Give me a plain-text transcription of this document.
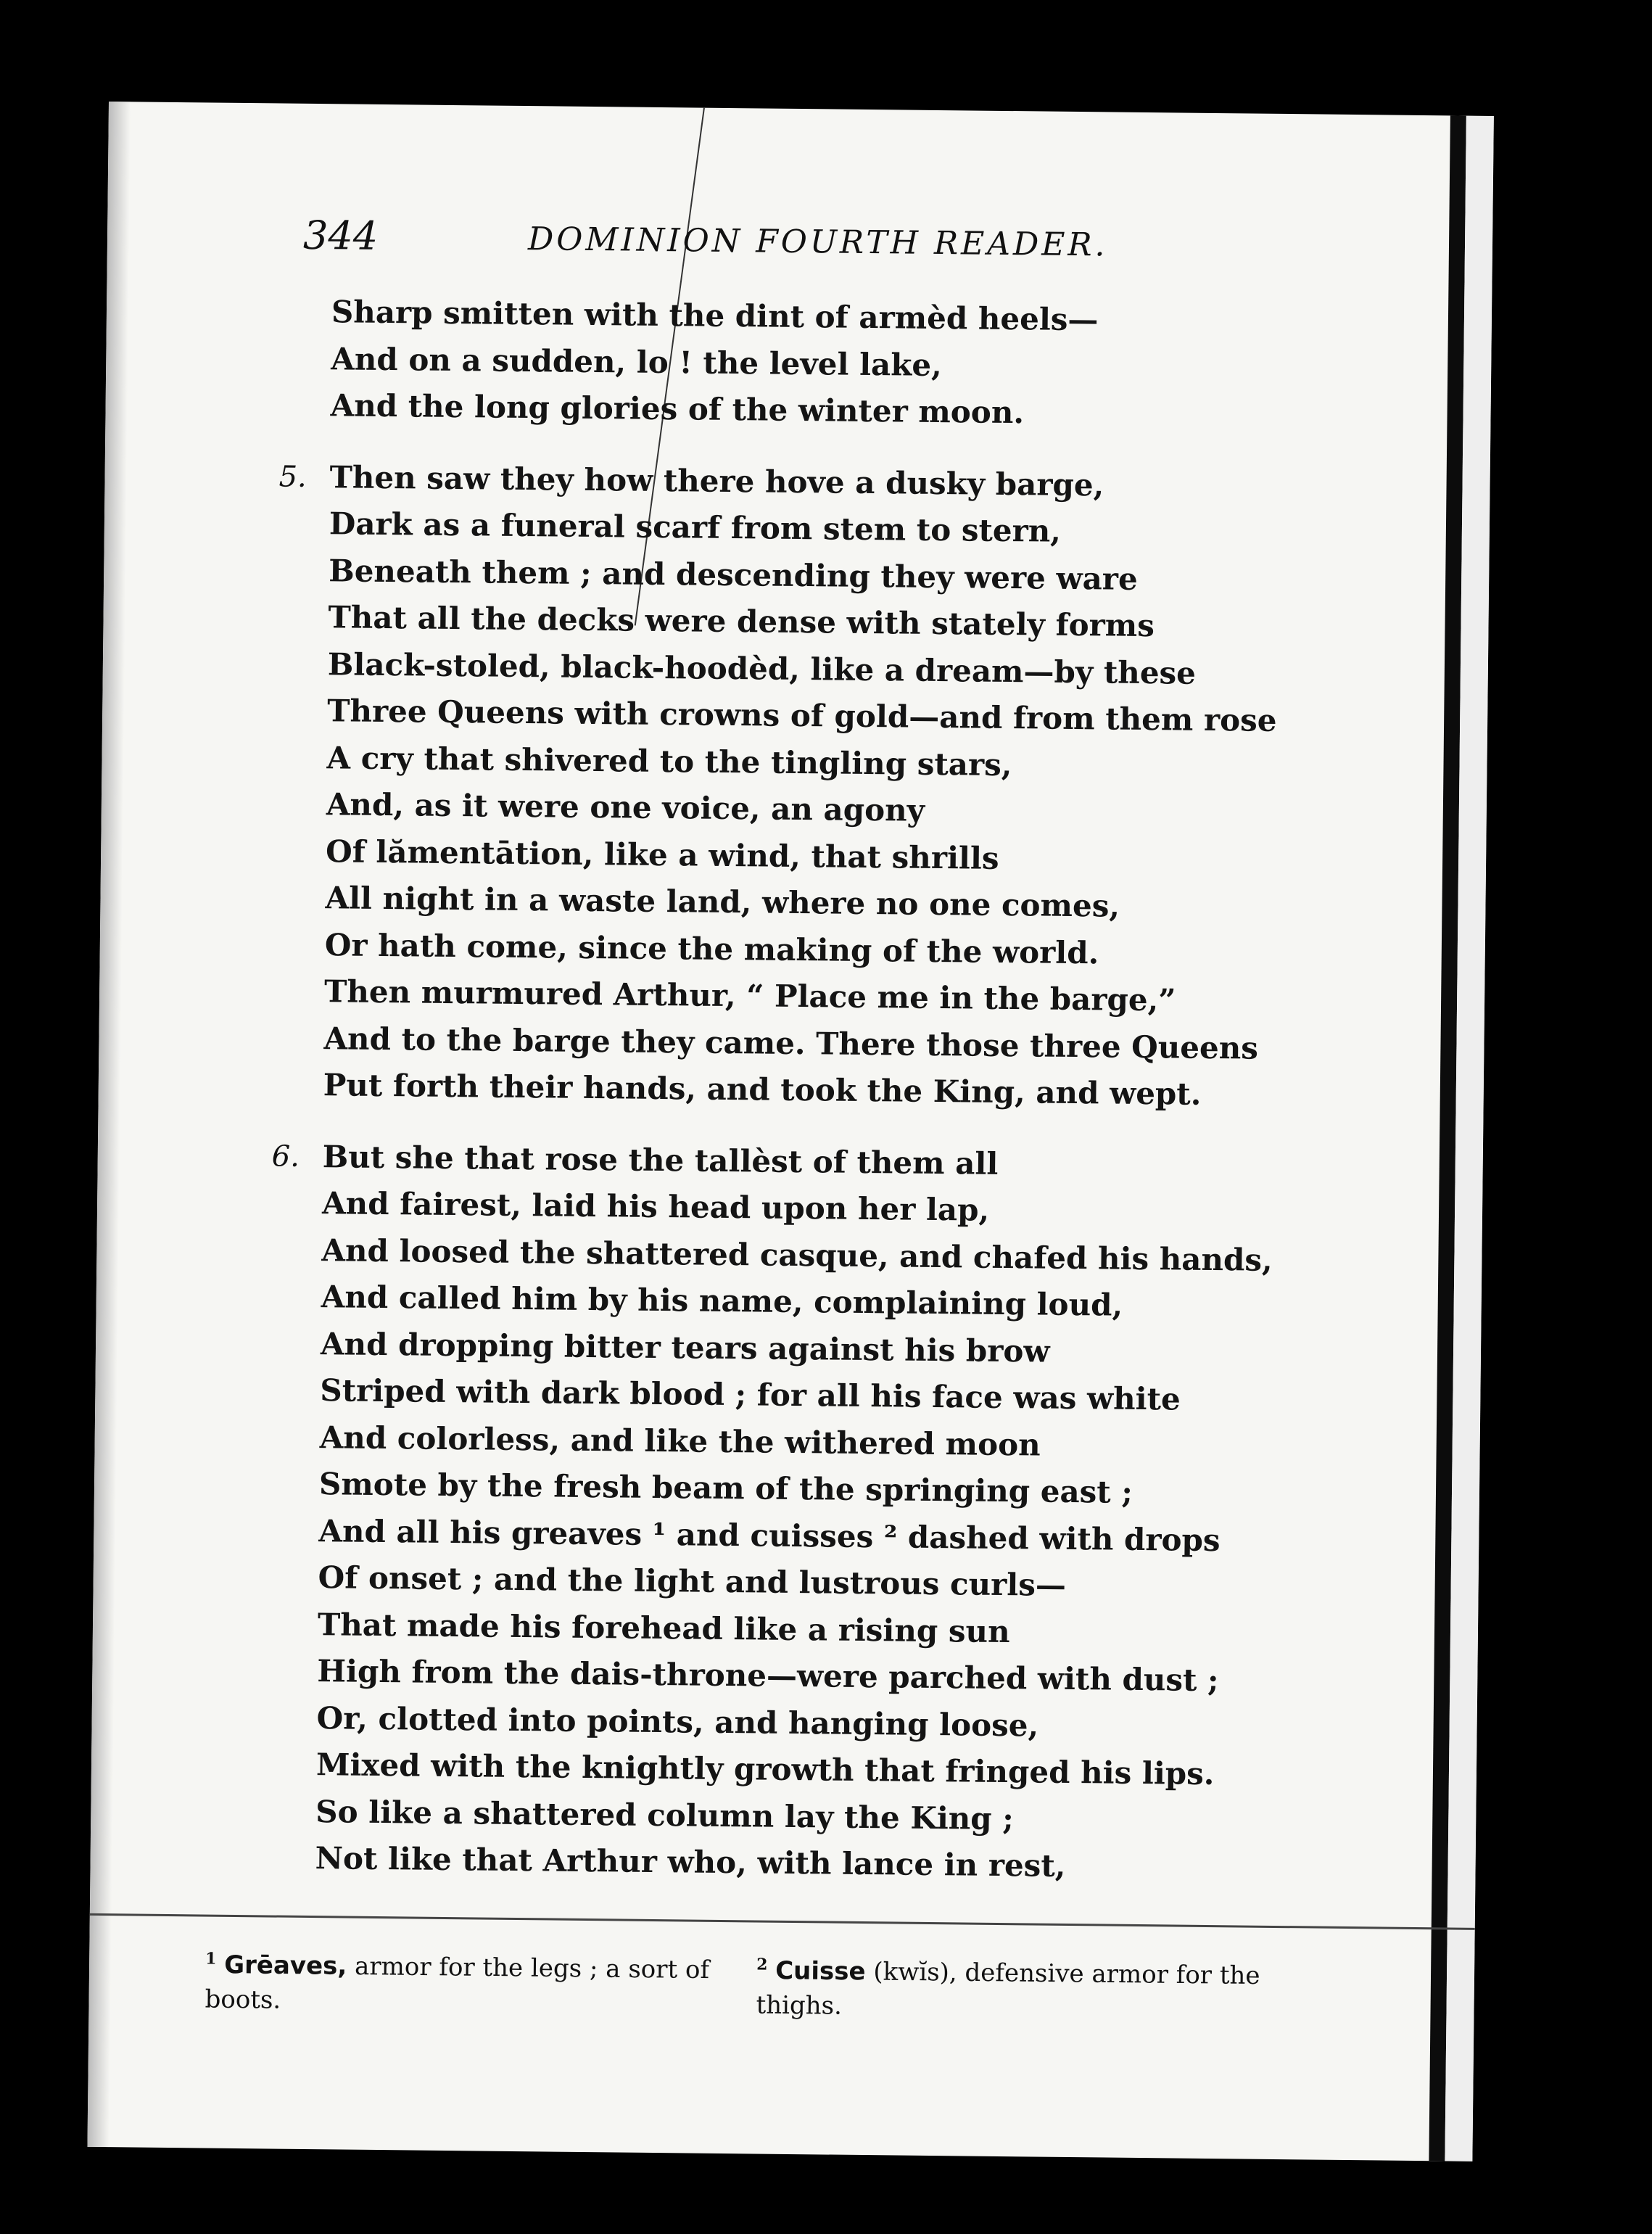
344	DOMINION FOURTH READER.
Sharp smitten with the dint of armèd heels—
And on a sudden, lo ! the level lake,
And the long glories of the winter moon.
5. Then saw they how there hove a dusky barge,
Dark as a funeral scarf from stem to stern,
Beneath them ; and descending they were ware
That all the decks were dense with stately forms
Black-stoled, black-hoodèd, like a dream—by these
Three Queens with crowns of gold—and from them rose
A cry that shivered to the tingling stars,
And, as it were one voice, an agony
Of lămentātion, like a wind, that shrills
All night in a waste land, where no one comes,
Or hath come, since the making of the world.
Then murmured Arthur, “ Place me in the barge,”
And to the barge they came. There those three Queens
Put forth their hands, and took the King, and wept.
6. But she that rose the tallèst of them all
And fairest, laid his head upon her lap,
And loosed the shattered casque, and chafed his hands,
And called him by his name, complaining loud,
And dropping bitter tears against his brow
Striped with dark blood ; for all his face was white
And colorless, and like the withered moon
Smote by the fresh beam of the springing east ;
And all his greaves ¹ and cuisses ² dashed with drops
Of onset ; and the light and lustrous curls—
That made his forehead like a rising sun
High from the dais-throne—were parched with dust ;
Or, clotted into points, and hanging loose,
Mixed with the knightly growth that fringed his lips.
So like a shattered column lay the King ;
Not like that Arthur who, with lance in rest,
$^1$ Grēaves, armor for the legs ; a sort of boots.
$^2$ Cuisse (kwĭs), defensive armor for the thighs.
